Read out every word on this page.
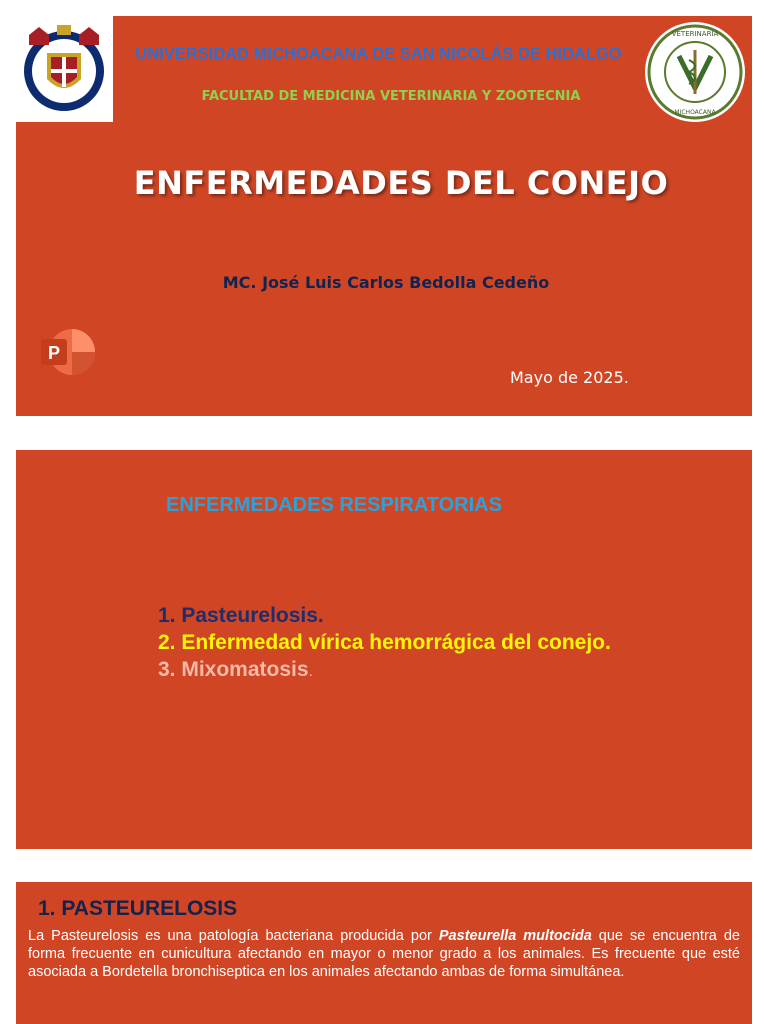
UNIVERSIDAD MICHOACANA DE SAN NICOLÁS DE HIDALGO
FACULTAD DE MEDICINA VETERINARIA Y ZOOTECNIA
VETERINARIA
MICHOACANA
ENFERMEDADES DEL CONEJO
MC. José Luis Carlos Bedolla Cedeño
P
Mayo de 2025.
ENFERMEDADES RESPIRATORIAS
1. Pasteurelosis.
2. Enfermedad vírica hemorrágica del conejo.
3. Mixomatosis.
1. PASTEURELOSIS
La Pasteurelosis es una patología bacteriana producida por Pasteurella multocida que se encuentra de forma frecuente en cunicultura afectando en mayor o menor grado a los animales. Es frecuente que esté asociada a Bordetella bronchiseptica en los animales afectando ambas de forma simultánea.
